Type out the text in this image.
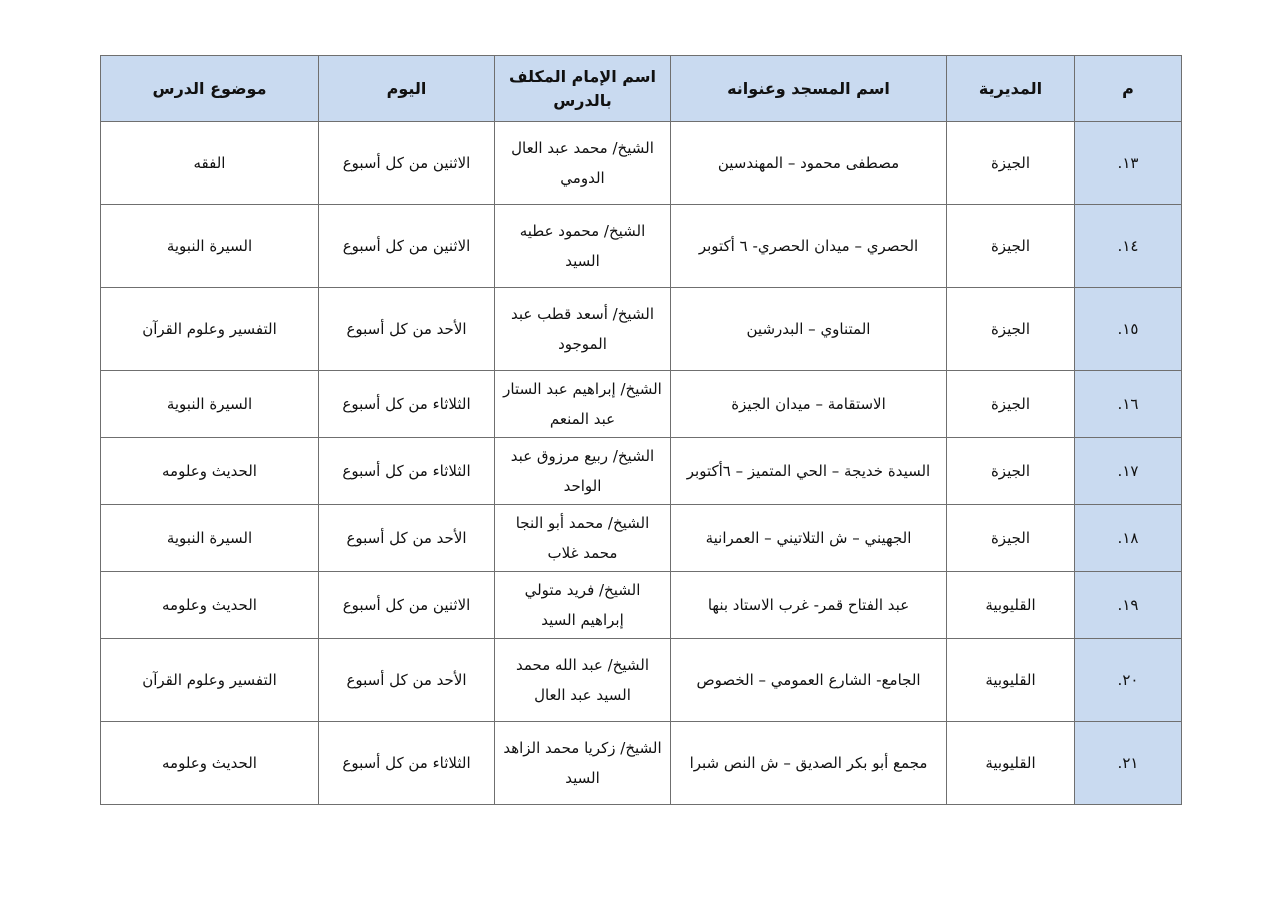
م	المديرية	اسم المسجد وعنوانه	اسم الإمام المكلف بالدرس	اليوم	موضوع الدرس
١٣.	الجيزة	مصطفى محمود – المهندسين	الشيخ/ محمد عبد العال الدومي	الاثنين من كل أسبوع	الفقه
١٤.	الجيزة	الحصري – ميدان الحصري- ٦ أكتوبر	الشيخ/ محمود عطيه السيد	الاثنين من كل أسبوع	السيرة النبوية
١٥.	الجيزة	المتناوي – البدرشين	الشيخ/ أسعد قطب عبد الموجود	الأحد من كل أسبوع	التفسير وعلوم القرآن
١٦.	الجيزة	الاستقامة – ميدان الجيزة	الشيخ/ إبراهيم عبد الستار عبد المنعم	الثلاثاء من كل أسبوع	السيرة النبوية
١٧.	الجيزة	السيدة خديجة – الحي المتميز – ٦أكتوبر	الشيخ/ ربيع مرزوق عبد الواحد	الثلاثاء من كل أسبوع	الحديث وعلومه
١٨.	الجيزة	الجهيني – ش التلاتيني – العمرانية	الشيخ/ محمد أبو النجا محمد غلاب	الأحد من كل أسبوع	السيرة النبوية
١٩.	القليوبية	عبد الفتاح قمر- غرب الاستاد بنها	الشيخ/ فريد متولي إبراهيم السيد	الاثنين من كل أسبوع	الحديث وعلومه
٢٠.	القليوبية	الجامع- الشارع العمومي – الخصوص	الشيخ/ عبد الله محمد السيد عبد العال	الأحد من كل أسبوع	التفسير وعلوم القرآن
٢١.	القليوبية	مجمع أبو بكر الصديق – ش النص شبرا	الشيخ/ زكريا محمد الزاهد السيد	الثلاثاء من كل أسبوع	الحديث وعلومه
